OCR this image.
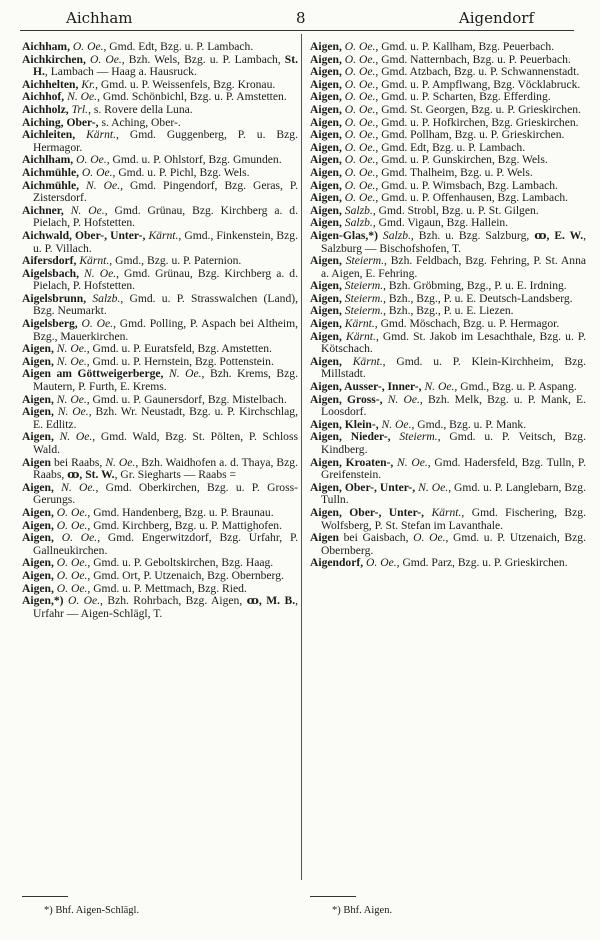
Aichham	8	Aigendorf

Aichham, O. Oe., Gmd. Edt, Bzg. u. P. Lambach.

Aichkirchen, O. Oe., Bzh. Wels, Bzg. u. P. Lambach, St. H., Lambach — Haag a. Hausruck.

Aichhelten, Kr., Gmd. u. P. Weissenfels, Bzg. Kronau.

Aichhof, N. Oe., Gmd. Schönbichl, Bzg. u. P. Amstetten.

Aichholz, Trl., s. Rovere della Luna.

Aiching, Ober-, s. Aching, Ober-.

Aichleiten, Kärnt., Gmd. Guggenberg, P. u. Bzg. Hermagor.

Aichlham, O. Oe., Gmd. u. P. Ohlstorf, Bzg. Gmunden.

Aichmühle, O. Oe., Gmd. u. P. Pichl, Bzg. Wels.

Aichmühle, N. Oe., Gmd. Pingendorf, Bzg. Geras, P. Zistersdorf.

Aichner, N. Oe., Gmd. Grünau, Bzg. Kirchberg a. d. Pielach, P. Hofstetten.

Aichwald, Ober-, Unter-, Kärnt., Gmd., Finkenstein, Bzg. u. P. Villach.

Aifersdorf, Kärnt., Gmd., Bzg. u. P. Paternion.

Aigelsbach, N. Oe., Gmd. Grünau, Bzg. Kirchberg a. d. Pielach, P. Hofstetten.

Aigelsbrunn, Salzb., Gmd. u. P. Strasswalchen (Land), Bzg. Neumarkt.

Aigelsberg, O. Oe., Gmd. Polling, P. Aspach bei Altheim, Bzg., Mauerkirchen.

Aigen, N. Oe., Gmd. u. P. Euratsfeld, Bzg. Amstetten.

Aigen, N. Oe., Gmd. u. P. Hernstein, Bzg. Pottenstein.

Aigen am Göttweigerberge, N. Oe., Bzh. Krems, Bzg. Mautern, P. Furth, E. Krems.

Aigen, N. Oe., Gmd. u. P. Gaunersdorf, Bzg. Mistelbach.

Aigen, N. Oe., Bzh. Wr. Neustadt, Bzg. u. P. Kirchschlag, E. Edlitz.

Aigen, N. Oe., Gmd. Wald, Bzg. St. Pölten, P. Schloss Wald.

Aigen bei Raabs, N. Oe., Bzh. Waidhofen a. d. Thaya, Bzg. Raabs, ꝏ, St. W., Gr. Siegharts — Raabs =

Aigen, N. Oe., Gmd. Oberkirchen, Bzg. u. P. Gross-Gerungs.

Aigen, O. Oe., Gmd. Handenberg, Bzg. u. P. Braunau.

Aigen, O. Oe., Gmd. Kirchberg, Bzg. u. P. Mattighofen.

Aigen, O. Oe., Gmd. Engerwitzdorf, Bzg. Urfahr, P. Gallneukirchen.

Aigen, O. Oe., Gmd. u. P. Geboltskirchen, Bzg. Haag.

Aigen, O. Oe., Gmd. Ort, P. Utzenaich, Bzg. Obernberg.

Aigen, O. Oe., Gmd. u. P. Mettmach, Bzg. Ried.

Aigen,*) O. Oe., Bzh. Rohrbach, Bzg. Aigen, ꝏ, M. B., Urfahr — Aigen-Schlägl, T.

Aigen, O. Oe., Gmd. u. P. Kallham, Bzg. Peuerbach.

Aigen, O. Oe., Gmd. Natternbach, Bzg. u. P. Peuerbach.

Aigen, O. Oe., Gmd. Atzbach, Bzg. u. P. Schwannenstadt.

Aigen, O. Oe., Gmd. u. P. Ampflwang, Bzg. Vöcklabruck.

Aigen, O. Oe., Gmd. u. P. Scharten, Bzg. Efferding.

Aigen, O. Oe., Gmd. St. Georgen, Bzg. u. P. Grieskirchen.

Aigen, O. Oe., Gmd. u. P. Hofkirchen, Bzg. Grieskirchen.

Aigen, O. Oe., Gmd. Pollham, Bzg. u. P. Grieskirchen.

Aigen, O. Oe., Gmd. Edt, Bzg. u. P. Lambach.

Aigen, O. Oe., Gmd. u. P. Gunskirchen, Bzg. Wels.

Aigen, O. Oe., Gmd. Thalheim, Bzg. u. P. Wels.

Aigen, O. Oe., Gmd. u. P. Wimsbach, Bzg. Lambach.

Aigen, O. Oe., Gmd. u. P. Offenhausen, Bzg. Lambach.

Aigen, Salzb., Gmd. Strobl, Bzg. u. P. St. Gilgen.

Aigen, Salzb., Gmd. Vigaun, Bzg. Hallein.

Aigen-Glas,*) Salzb., Bzh. u. Bzg. Salzburg, ꝏ, E. W., Salzburg — Bischofshofen, T.

Aigen, Steierm., Bzh. Feldbach, Bzg. Fehring, P. St. Anna a. Aigen, E. Fehring.

Aigen, Steierm., Bzh. Gröbming, Bzg., P. u. E. Irdning.

Aigen, Steierm., Bzh., Bzg., P. u. E. Deutsch-Landsberg.

Aigen, Steierm., Bzh., Bzg., P. u. E. Liezen.

Aigen, Kärnt., Gmd. Möschach, Bzg. u. P. Hermagor.

Aigen, Kärnt., Gmd. St. Jakob im Lesachthale, Bzg. u. P. Kötschach.

Aigen, Kärnt., Gmd. u. P. Klein-Kirchheim, Bzg. Millstadt.

Aigen, Ausser-, Inner-, N. Oe., Gmd., Bzg. u. P. Aspang.

Aigen, Gross-, N. Oe., Bzh. Melk, Bzg. u. P. Mank, E. Loosdorf.

Aigen, Klein-, N. Oe., Gmd., Bzg. u. P. Mank.

Aigen, Nieder-, Steierm., Gmd. u. P. Veitsch, Bzg. Kindberg.

Aigen, Kroaten-, N. Oe., Gmd. Hadersfeld, Bzg. Tulln, P. Greifenstein.

Aigen, Ober-, Unter-, N. Oe., Gmd. u. P. Langlebarn, Bzg. Tulln.

Aigen, Ober-, Unter-, Kärnt., Gmd. Fischering, Bzg. Wolfsberg, P. St. Stefan im Lavanthale.

Aigen bei Gaisbach, O. Oe., Gmd. u. P. Utzenaich, Bzg. Obernberg.

Aigendorf, O. Oe., Gmd. Parz, Bzg. u. P. Grieskirchen.

*) Bhf. Aigen-Schlägl.	*) Bhf. Aigen.
